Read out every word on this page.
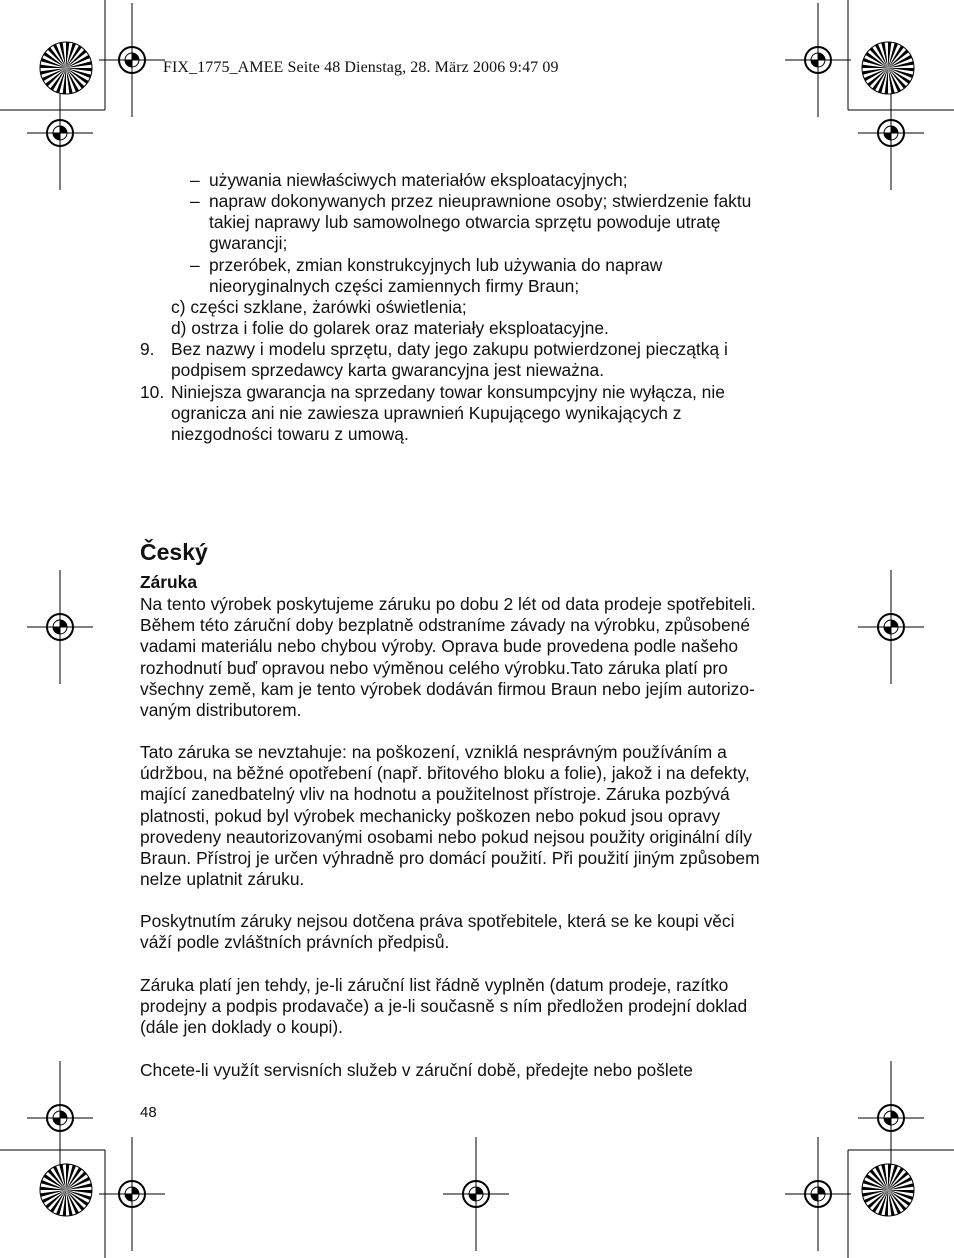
FIX_1775_AMEE Seite 48 Dienstag, 28. März 2006 9:47 09
– używania niewłaściwych materiałów eksploatacyjnych;
– napraw dokonywanych przez nieuprawnione osoby; stwierdzenie faktu
takiej naprawy lub samowolnego otwarcia sprzętu powoduje utratę
gwarancji;
– przeróbek, zmian konstrukcyjnych lub używania do napraw
nieoryginalnych części zamiennych firmy Braun;
c) części szklane, żarówki oświetlenia;
d) ostrza i folie do golarek oraz materiały eksploatacyjne.
9. Bez nazwy i modelu sprzętu, daty jego zakupu potwierdzonej pieczątką i
podpisem sprzedawcy karta gwarancyjna jest nieważna.
10. Niniejsza gwarancja na sprzedany towar konsumpcyjny nie wyłącza, nie
ogranicza ani nie zawiesza uprawnień Kupującego wynikających z
niezgodności towaru z umową.
Český
Záruka
Na tento výrobek poskytujeme záruku po dobu 2 lét od data prodeje spotřebiteli.
Během této záruční doby bezplatně odstraníme závady na výrobku, způsobené
vadami materiálu nebo chybou výroby. Oprava bude provedena podle našeho
rozhodnutí buď opravou nebo výměnou celého výrobku.Tato záruka platí pro
všechny země, kam je tento výrobek dodáván firmou Braun nebo jejím autorizo-
vaným distributorem.
Tato záruka se nevztahuje: na poškození, vzniklá nesprávným používáním a
údržbou, na běžné opotřebení (např. břitového bloku a folie), jakož i na defekty,
mající zanedbatelný vliv na hodnotu a použitelnost přístroje. Záruka pozbývá
platnosti, pokud byl výrobek mechanicky poškozen nebo pokud jsou opravy
provedeny neautorizovanými osobami nebo pokud nejsou použity originální díly
Braun. Přístroj je určen výhradně pro domácí použití. Při použití jiným způsobem
nelze uplatnit záruku.
Poskytnutím záruky nejsou dotčena práva spotřebitele, která se ke koupi věci
váží podle zvláštních právních předpisů.
Záruka platí jen tehdy, je-li záruční list řádně vyplněn (datum prodeje, razítko
prodejny a podpis prodavače) a je-li současně s ním předložen prodejní doklad
(dále jen doklady o koupi).
Chcete-li využít servisních služeb v záruční době, předejte nebo pošlete
48
